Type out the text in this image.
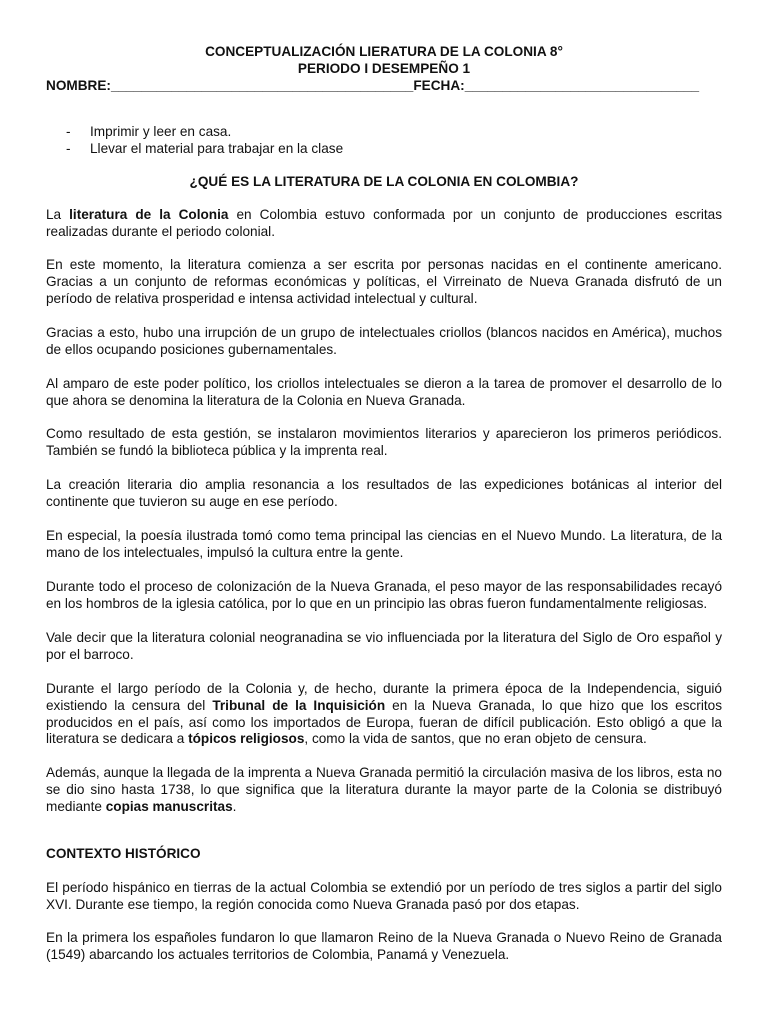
CONCEPTUALIZACIÓN LIERATURA DE LA COLONIA 8°
PERIODO I DESEMPEÑO 1
NOMBRE:________________________________________FECHA:_______________________________
-	Imprimir y leer en casa.
-	Llevar el material para trabajar en la clase
¿QUÉ ES LA LITERATURA DE LA COLONIA EN COLOMBIA?
La literatura de la Colonia en Colombia estuvo conformada por un conjunto de producciones escritas realizadas durante el periodo colonial.
En este momento, la literatura comienza a ser escrita por personas nacidas en el continente americano. Gracias a un conjunto de reformas económicas y políticas, el Virreinato de Nueva Granada disfrutó de un período de relativa prosperidad e intensa actividad intelectual y cultural.
Gracias a esto, hubo una irrupción de un grupo de intelectuales criollos (blancos nacidos en América), muchos de ellos ocupando posiciones gubernamentales.
Al amparo de este poder político, los criollos intelectuales se dieron a la tarea de promover el desarrollo de lo que ahora se denomina la literatura de la Colonia en Nueva Granada.
Como resultado de esta gestión, se instalaron movimientos literarios y aparecieron los primeros periódicos. También se fundó la biblioteca pública y la imprenta real.
La creación literaria dio amplia resonancia a los resultados de las expediciones botánicas al interior del continente que tuvieron su auge en ese período.
En especial, la poesía ilustrada tomó como tema principal las ciencias en el Nuevo Mundo. La literatura, de la mano de los intelectuales, impulsó la cultura entre la gente.
Durante todo el proceso de colonización de la Nueva Granada, el peso mayor de las responsabilidades recayó en los hombros de la iglesia católica, por lo que en un principio las obras fueron fundamentalmente religiosas.
Vale decir que la literatura colonial neogranadina se vio influenciada por la literatura del Siglo de Oro español y por el barroco.
Durante el largo período de la Colonia y, de hecho, durante la primera época de la Independencia, siguió existiendo la censura del Tribunal de la Inquisición en la Nueva Granada, lo que hizo que los escritos producidos en el país, así como los importados de Europa, fueran de difícil publicación. Esto obligó a que la literatura se dedicara a tópicos religiosos, como la vida de santos, que no eran objeto de censura.
Además, aunque la llegada de la imprenta a Nueva Granada permitió la circulación masiva de los libros, esta no se dio sino hasta 1738, lo que significa que la literatura durante la mayor parte de la Colonia se distribuyó mediante copias manuscritas.
CONTEXTO HISTÓRICO
El período hispánico en tierras de la actual Colombia se extendió por un período de tres siglos a partir del siglo XVI. Durante ese tiempo, la región conocida como Nueva Granada pasó por dos etapas.
En la primera los españoles fundaron lo que llamaron Reino de la Nueva Granada o Nuevo Reino de Granada (1549) abarcando los actuales territorios de Colombia, Panamá y Venezuela.
